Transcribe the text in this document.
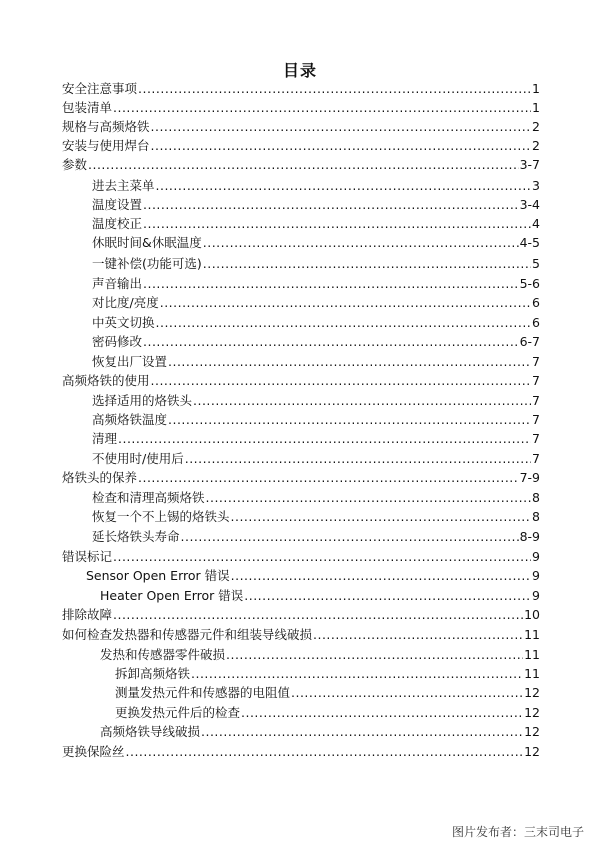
目录
安全注意事项 .....	1
包装清单 .....	1
规格与高频烙铁 .....	2
安装与使用焊台 .....	2
参数 .....	3-7
进去主菜单 .....	3
温度设置 .....	3-4
温度校正 .....	4
休眠时间&休眠温度 .....	4-5
一键补偿(功能可选) .....	5
声音输出 .....	5-6
对比度/亮度 .....	6
中英文切换 .....	6
密码修改 .....	6-7
恢复出厂设置 .....	7
高频烙铁的使用 .....	7
选择适用的烙铁头 .....	7
高频烙铁温度 .....	7
清理 .....	7
不使用时/使用后 .....	7
烙铁头的保养 .....	7-9
检查和清理高频烙铁 .....	8
恢复一个不上锡的烙铁头 .....	8
延长烙铁头寿命 .....	8-9
错误标记 .....	9
Sensor Open Error 错误 .....	9
Heater Open Error 错误 .....	9
排除故障 .....	10
如何检查发热器和传感器元件和组装导线破损 .....	11
发热和传感器零件破损 .....	11
拆卸高频烙铁 .....	11
测量发热元件和传感器的电阻值 .....	12
更换发热元件后的检查 .....	12
高频烙铁导线破损 .....	12
更换保险丝 .....	12
图片发布者：三末司电子
